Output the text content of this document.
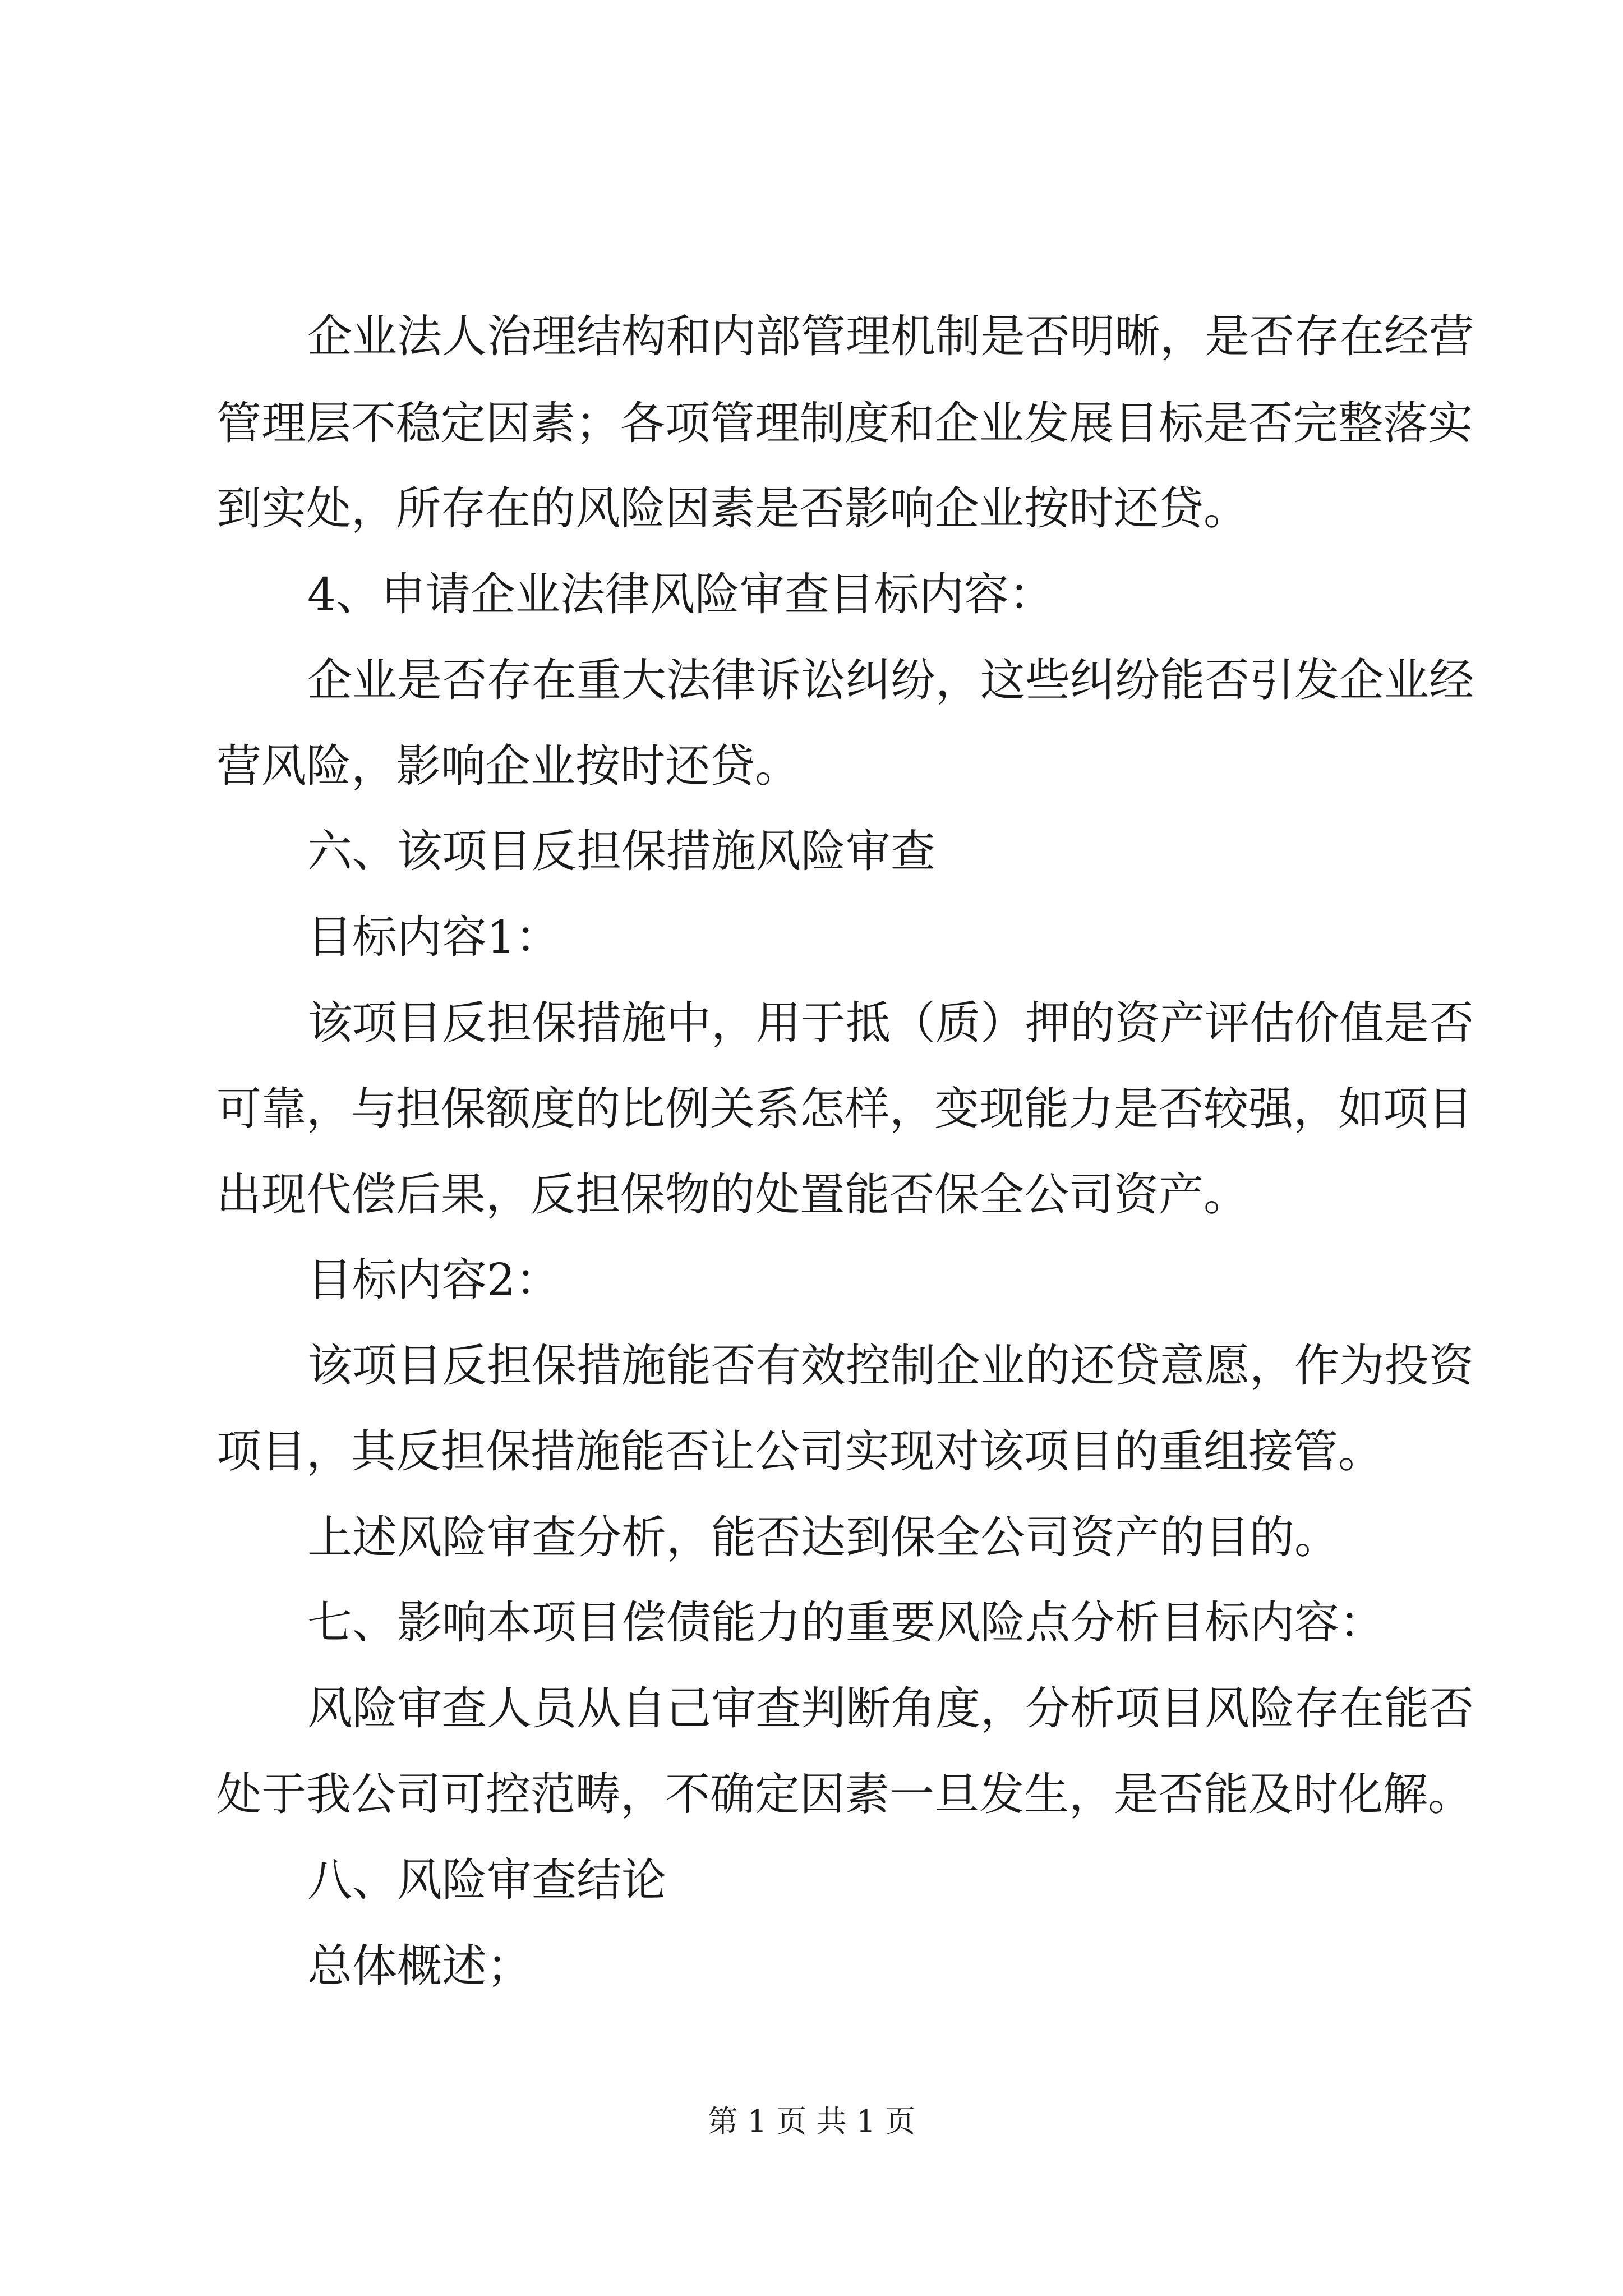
企业法人治理结构和内部管理机制是否明晰，是否存在经营

管理层不稳定因素；各项管理制度和企业发展目标是否完整落实

到实处，所存在的风险因素是否影响企业按时还贷。

4、申请企业法律风险审查目标内容：

企业是否存在重大法律诉讼纠纷，这些纠纷能否引发企业经

营风险，影响企业按时还贷。

六、该项目反担保措施风险审查

目标内容1：

该项目反担保措施中，用于抵（质）押的资产评估价值是否

可靠，与担保额度的比例关系怎样，变现能力是否较强，如项目

出现代偿后果，反担保物的处置能否保全公司资产。

目标内容2：

该项目反担保措施能否有效控制企业的还贷意愿，作为投资

项目，其反担保措施能否让公司实现对该项目的重组接管。

上述风险审查分析，能否达到保全公司资产的目的。

七、影响本项目偿债能力的重要风险点分析目标内容：

风险审查人员从自己审查判断角度，分析项目风险存在能否

处于我公司可控范畴，不确定因素一旦发生，是否能及时化解。

八、风险审查结论

总体概述；

第 1 页 共 1 页
